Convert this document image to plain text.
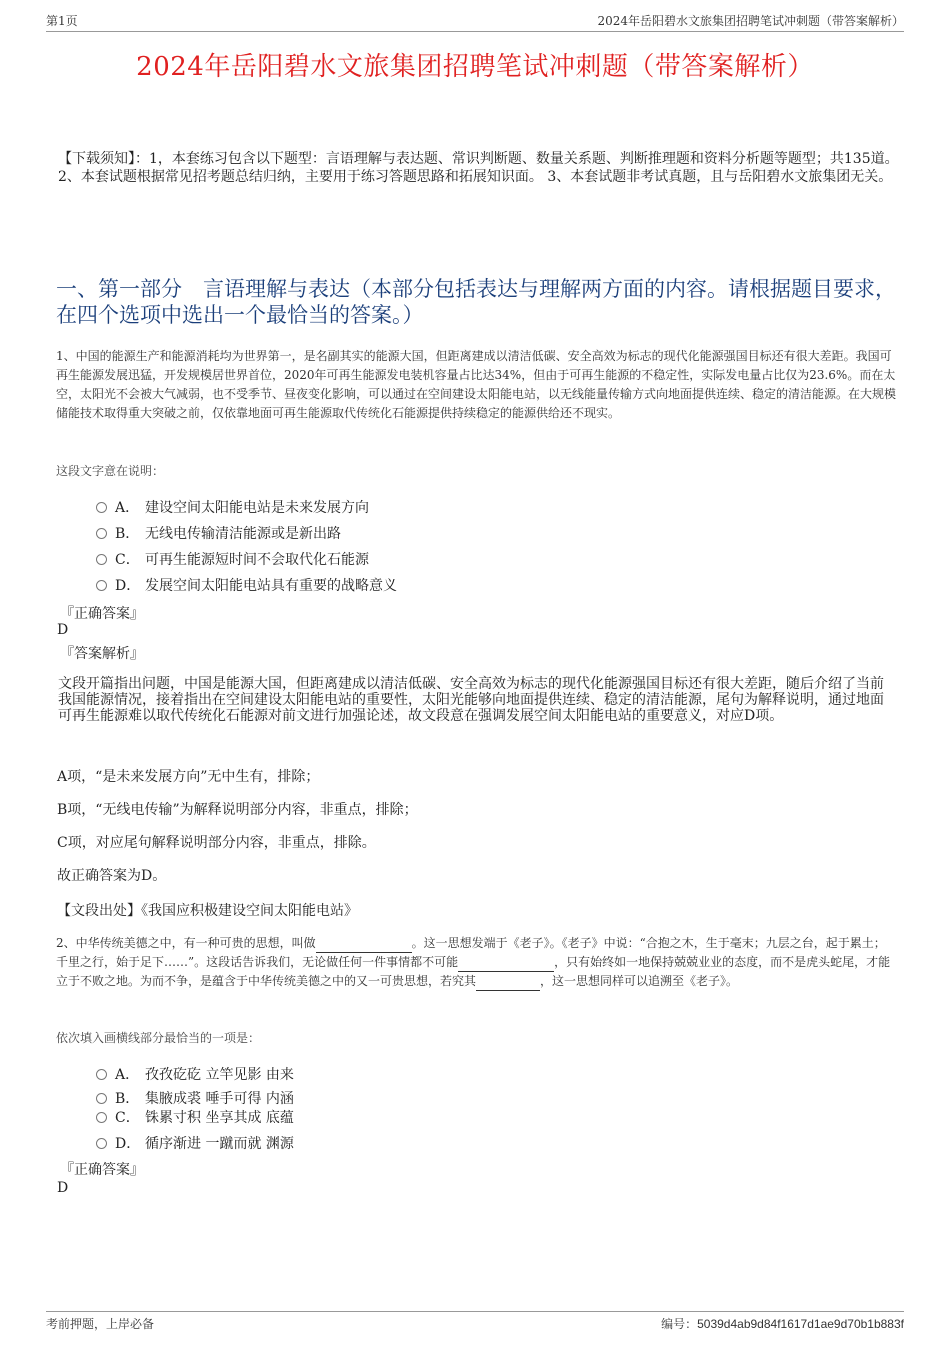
第1页	2024年岳阳碧水文旅集团招聘笔试冲刺题（带答案解析）
2024年岳阳碧水文旅集团招聘笔试冲刺题（带答案解析）
【下载须知】：1，本套练习包含以下题型：言语理解与表达题、常识判断题、数量关系题、判断推理题和资料分析题等题型；共135道。 2、本套试题根据常见招考题总结归纳，主要用于练习答题思路和拓展知识面。 3、本套试题非考试真题，且与岳阳碧水文旅集团无关。
一、第一部分　言语理解与表达（本部分包括表达与理解两方面的内容。请根据题目要求，在四个选项中选出一个最恰当的答案。）
1、中国的能源生产和能源消耗均为世界第一，是名副其实的能源大国，但距离建成以清洁低碳、安全高效为标志的现代化能源强国目标还有很大差距。我国可再生能源发展迅猛，开发规模居世界首位，2020年可再生能源发电装机容量占比达34%，但由于可再生能源的不稳定性，实际发电量占比仅为23.6%。而在太空，太阳光不会被大气减弱，也不受季节、昼夜变化影响，可以通过在空间建设太阳能电站，以无线能量传输方式向地面提供连续、稳定的清洁能源。在大规模储能技术取得重大突破之前，仅依靠地面可再生能源取代传统化石能源提供持续稳定的能源供给还不现实。
这段文字意在说明：
A． 建设空间太阳能电站是未来发展方向
B． 无线电传输清洁能源或是新出路
C． 可再生能源短时间不会取代化石能源
D． 发展空间太阳能电站具有重要的战略意义
『正确答案』
D
『答案解析』
文段开篇指出问题，中国是能源大国，但距离建成以清洁低碳、安全高效为标志的现代化能源强国目标还有很大差距，随后介绍了当前我国能源情况，接着指出在空间建设太阳能电站的重要性，太阳光能够向地面提供连续、稳定的清洁能源，尾句为解释说明，通过地面可再生能源难以取代传统化石能源对前文进行加强论述，故文段意在强调发展空间太阳能电站的重要意义，对应D项。
A项，“是未来发展方向”无中生有，排除；
B项，“无线电传输”为解释说明部分内容，非重点，排除；
C项，对应尾句解释说明部分内容，非重点，排除。
故正确答案为D。
【文段出处】《我国应积极建设空间太阳能电站》
2、中华传统美德之中，有一种可贵的思想，叫做	。这一思想发端于《老子》。《老子》中说：“合抱之木，生于毫末；九层之台，起于累土；千里之行，始于足下……”。这段话告诉我们，无论做任何一件事情都不可能	，只有始终如一地保持兢兢业业的态度，而不是虎头蛇尾，才能立于不败之地。为而不争，是蕴含于中华传统美德之中的又一可贵思想，若究其	，这一思想同样可以追溯至《老子》。
依次填入画横线部分最恰当的一项是：
A． 孜孜矻矻 立竿见影 由来
B． 集腋成裘 唾手可得 内涵
C． 铢累寸积 坐享其成 底蕴
D． 循序渐进 一蹴而就 渊源
『正确答案』
D
考前押题，上岸必备	编号：5039d4ab9d84f1617d1ae9d70b1b883f
